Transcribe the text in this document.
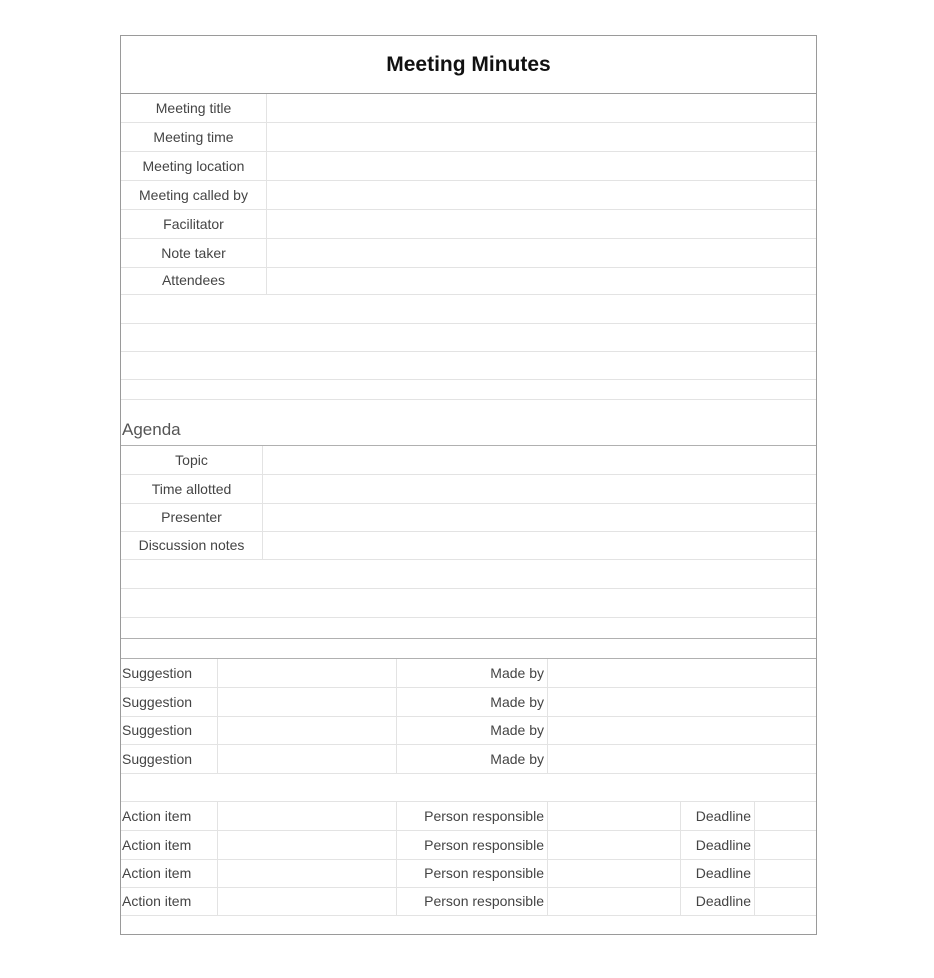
Meeting Minutes
Meeting title
Meeting time
Meeting location
Meeting called by
Facilitator
Note taker
Attendees
Agenda
Topic
Time allotted
Presenter
Discussion notes
Suggestion	Made by
Suggestion	Made by
Suggestion	Made by
Suggestion	Made by
Action item	Person responsible	Deadline
Action item	Person responsible	Deadline
Action item	Person responsible	Deadline
Action item	Person responsible	Deadline
